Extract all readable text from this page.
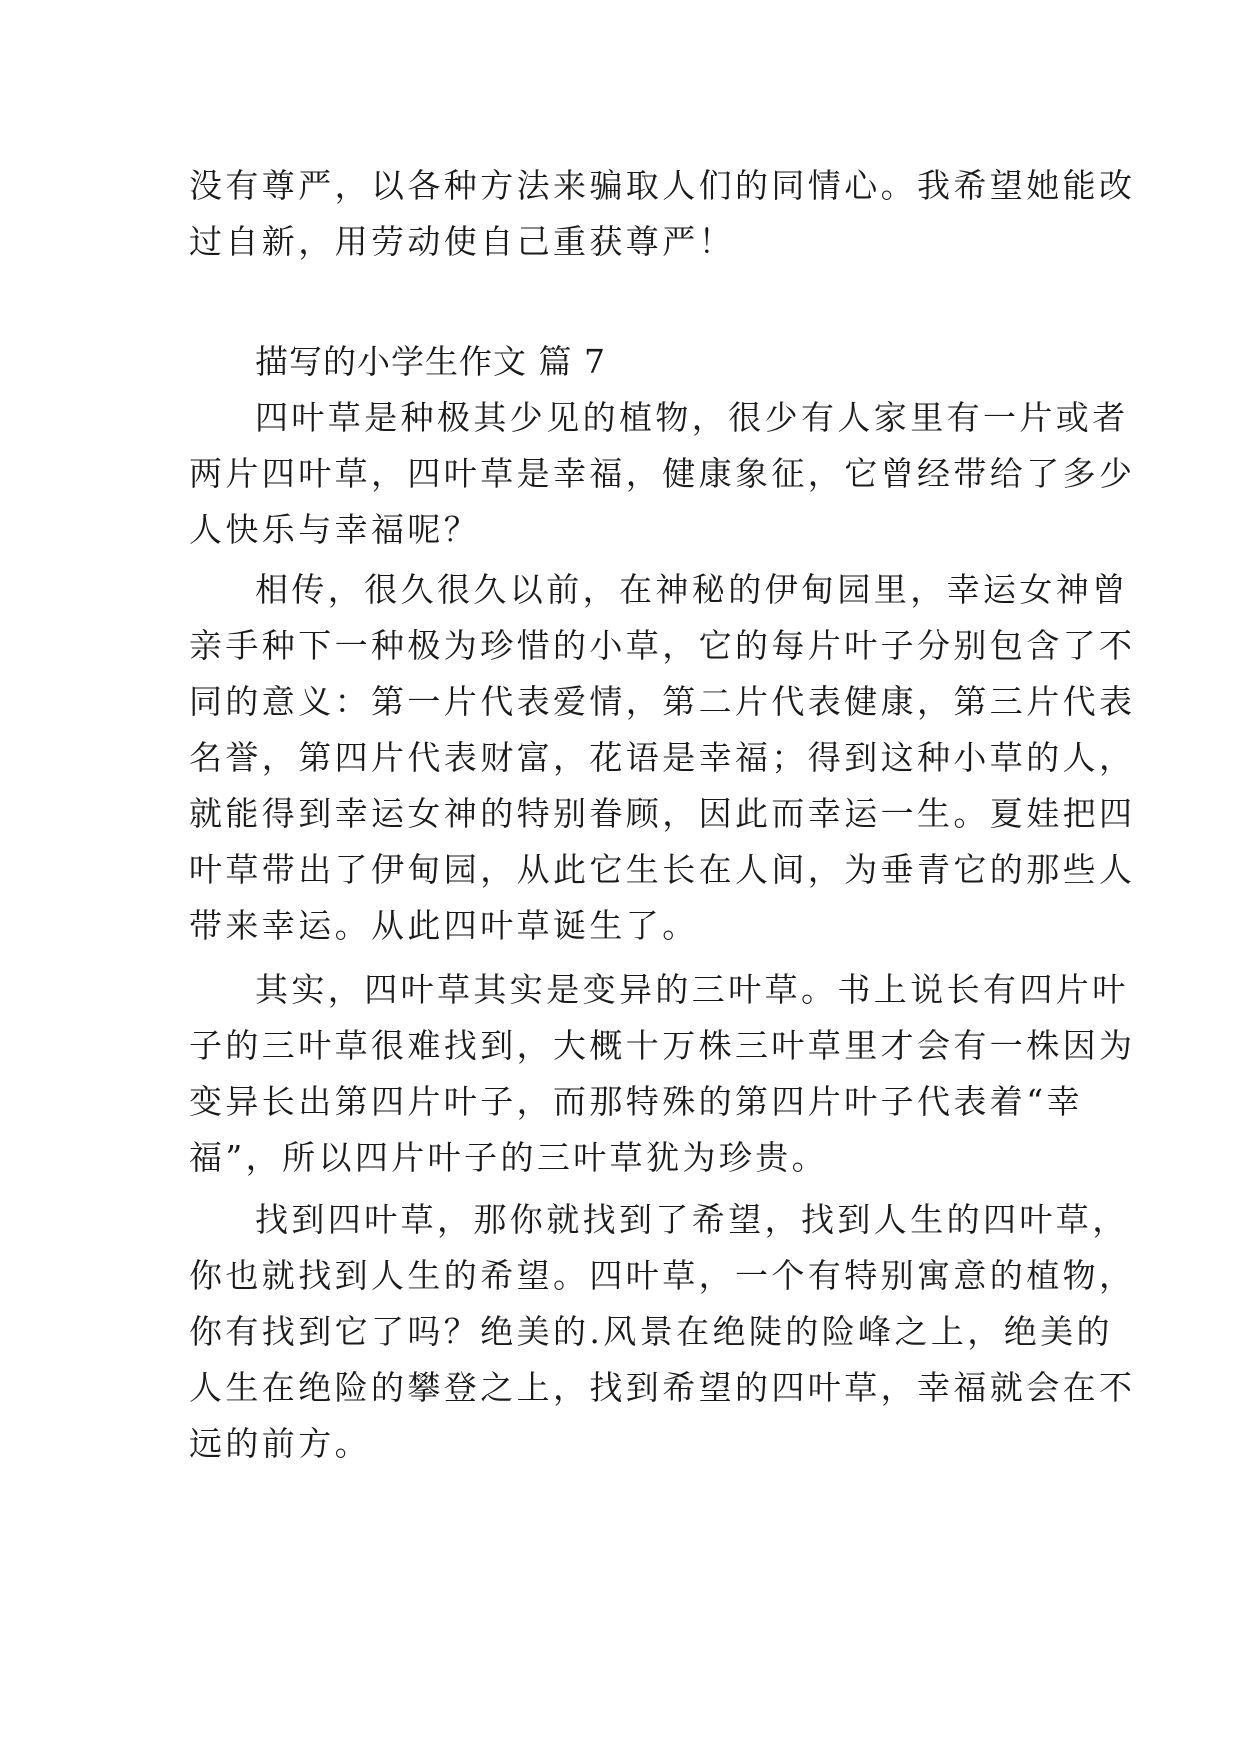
没有尊严，以各种方法来骗取人们的同情心。我希望她能改
过自新，用劳动使自己重获尊严！
描写的小学生作文 篇 7
四叶草是种极其少见的植物，很少有人家里有一片或者
两片四叶草，四叶草是幸福，健康象征，它曾经带给了多少
人快乐与幸福呢？
相传，很久很久以前，在神秘的伊甸园里，幸运女神曾
亲手种下一种极为珍惜的小草，它的每片叶子分别包含了不
同的意义：第一片代表爱情，第二片代表健康，第三片代表
名誉，第四片代表财富，花语是幸福；得到这种小草的人，
就能得到幸运女神的特别眷顾，因此而幸运一生。夏娃把四
叶草带出了伊甸园，从此它生长在人间，为垂青它的那些人
带来幸运。从此四叶草诞生了。
其实，四叶草其实是变异的三叶草。书上说长有四片叶
子的三叶草很难找到，大概十万株三叶草里才会有一株因为
变异长出第四片叶子，而那特殊的第四片叶子代表着“幸
福”，所以四片叶子的三叶草犹为珍贵。
找到四叶草，那你就找到了希望，找到人生的四叶草，
你也就找到人生的希望。四叶草，一个有特别寓意的植物，
你有找到它了吗？绝美的.风景在绝陡的险峰之上，绝美的
人生在绝险的攀登之上，找到希望的四叶草，幸福就会在不
远的前方。
